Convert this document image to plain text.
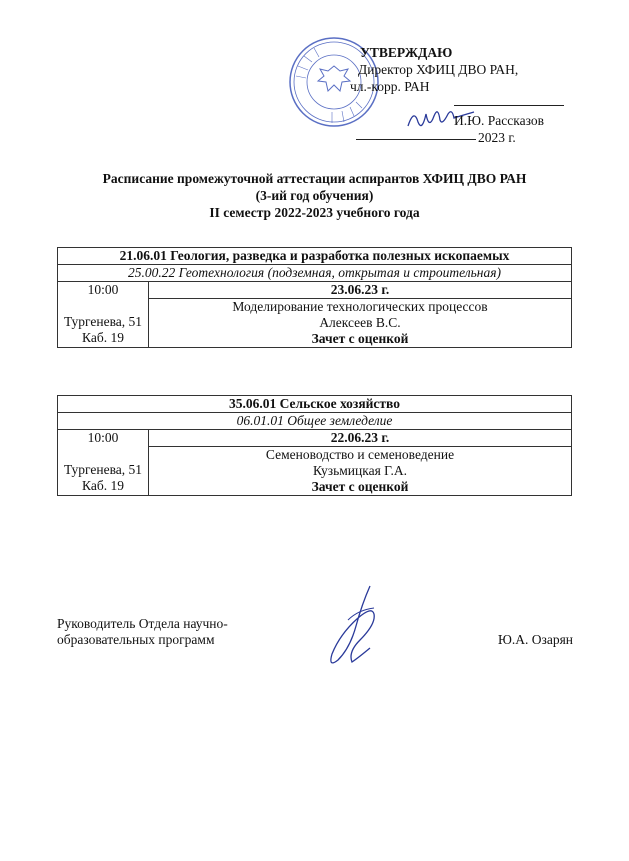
УТВЕРЖДАЮ
Директор ХФИЦ ДВО РАН,
чл.-корр. РАН
И.Ю. Рассказов
2023 г.
Расписание промежуточной аттестации аспирантов ХФИЦ ДВО РАН
(3-ий год обучения)
II семестр 2022-2023 учебного года
21.06.01 Геология, разведка и разработка полезных ископаемых
25.00.22 Геотехнология (подземная, открытая и строительная)

10:00
Тургенева, 51
Каб. 19
	23.06.23 г.

Моделирование технологических процессов
Алексеев В.С.
Зачет с оценкой
35.06.01 Сельское хозяйство
06.01.01 Общее земледелие

10:00
Тургенева, 51
Каб. 19
	22.06.23 г.

Семеноводство и семеноведение
Кузьмицкая Г.А.
Зачет с оценкой
Руководитель Отдела научно-
образовательных программ	Ю.А. Озарян
